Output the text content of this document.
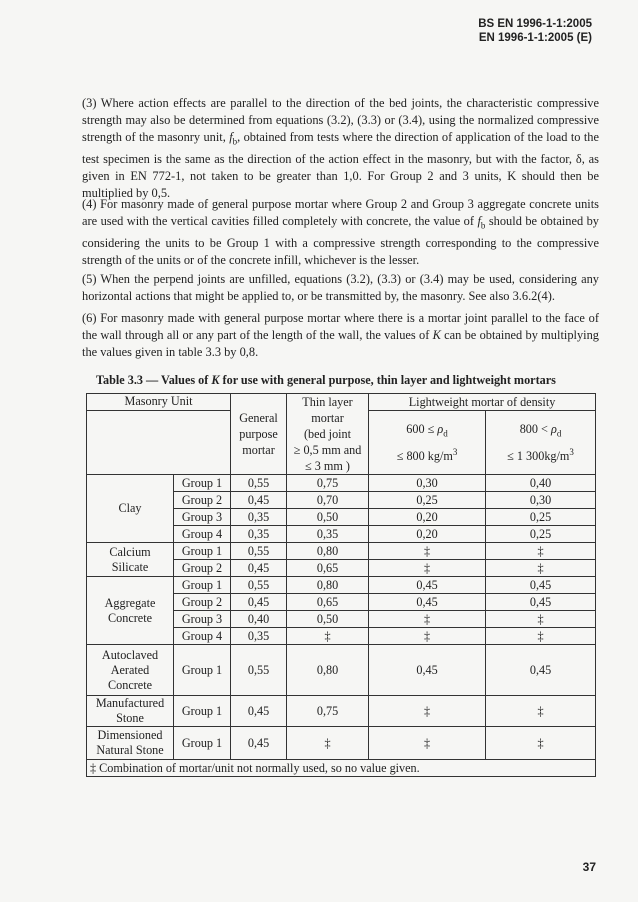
BS EN 1996-1-1:2005
EN 1996-1-1:2005 (E)

(3) Where action effects are parallel to the direction of the bed joints, the characteristic compressive strength may also be determined from equations (3.2), (3.3) or (3.4), using the normalized compressive strength of the masonry unit, $f_b$, obtained from tests where the direction of application of the load to the test specimen is the same as the direction of the action effect in the masonry, but with the factor, δ, as given in EN 772-1, not taken to be greater than 1,0. For Group 2 and 3 units, K should then be multiplied by 0,5.

(4) For masonry made of general purpose mortar where Group 2 and Group 3 aggregate concrete units are used with the vertical cavities filled completely with concrete, the value of $f_b$ should be obtained by considering the units to be Group 1 with a compressive strength corresponding to the compressive strength of the units or of the concrete infill, whichever is the lesser.

(5) When the perpend joints are unfilled, equations (3.2), (3.3) or (3.4) may be used, considering any horizontal actions that might be applied to, or be transmitted by, the masonry. See also 3.6.2(4).

(6) For masonry made with general purpose mortar where there is a mortar joint parallel to the face of the wall through all or any part of the length of the wall, the values of K can be obtained by multiplying the values given in table 3.3 by 0,8.

Table 3.3 — Values of K for use with general purpose, thin layer and lightweight mortars
Masonry Unit		General purpose mortar	Thin layer
mortar
(bed joint
≥ 0,5 mm and
≤ 3 mm )	Lightweight mortar of density	
				$600 \le \rho_d$
≤ 800 $kg/m^3$	$800 < \rho_d$
≤ 1 $300kg/m^3$
Clay	Group 1	0,55	0,75	0,30	0,40
	Group 2	0,45	0,70	0,25	0,30
	Group 3	0,35	0,50	0,20	0,25
	Group 4	0,35	0,35	0,20	0,25
Calcium Silicate	Group 1	0,55	0,80	‡	‡
	Group 2	0,45	0,65	‡	‡
Aggregate Concrete	Group 1	0,55	0,80	0,45	0,45
	Group 2	0,45	0,65	0,45	0,45
	Group 3	0,40	0,50	‡	‡
	Group 4	0,35	‡	‡	‡
Autoclaved Aerated Concrete	Group 1	0,55	0,80	0,45	0,45
Manufactured Stone	Group 1	0,45	0,75	‡	‡
Dimensioned Natural Stone	Group 1	0,45	‡	‡	‡
‡ Combination of mortar/unit not normally used, so no value given.					
37
